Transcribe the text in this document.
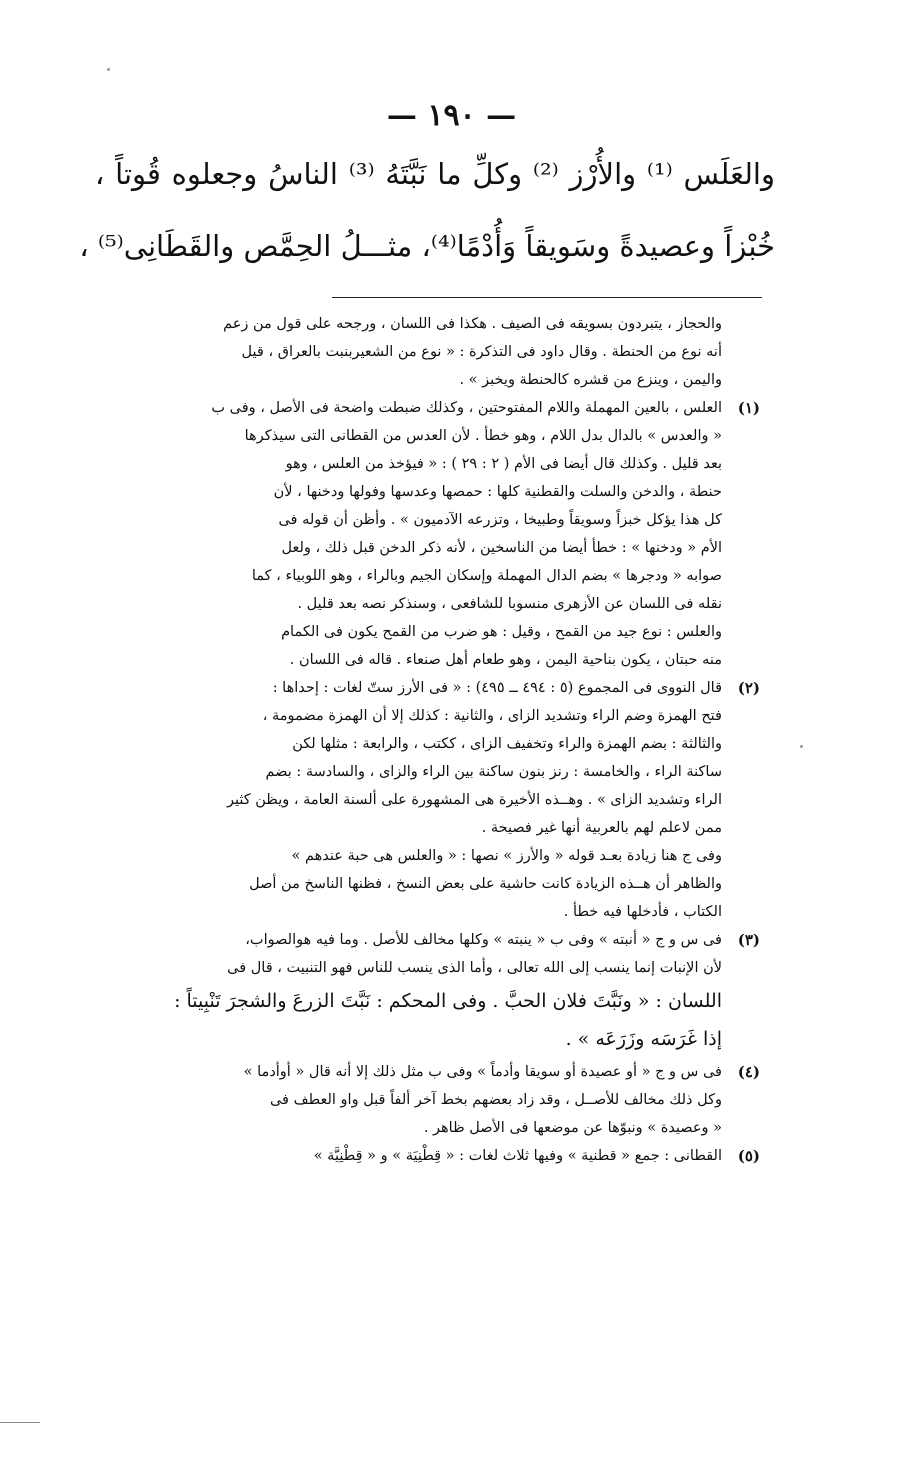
— ١٩٠ —
والعَلَس ⁽¹⁾ والأُرْز ⁽²⁾ وكلِّ ما نَبَّتَهُ ⁽³⁾ الناسُ وجعلوه قُوتاً ،
خُبْزاً وعصيدةً وسَويقاً وَأُدْمًا⁽⁴⁾، مثـــلُ الحِمَّص والقَطَانِى⁽⁵⁾ ،

والحجاز ، يتبردون بسويقه فى الصيف . هكذا فى اللسان ، ورجحه على قول من زعم

أنه نوع من الحنطة . وقال داود فى التذكرة : « نوع من الشعيربنبت بالعراق ، قيل

واليمن ، وينزع من قشره كالحنطة ويخبز » .

(١)

العلس ، بالعين المهملة واللام المفتوحتين ، وكذلك ضبطت واضحة فى الأصل ، وفى ب

« والعدس » بالدال بدل اللام ، وهو خطأ . لأن العدس من القطانى التى سيذكرها

بعد قليل . وكذلك قال أيضا فى الأم ( ٢ : ٢٩ ) : « فيؤخذ من العلس ، وهو

حنطة ، والدخن والسلت والقطنية كلها : حمصها وعدسها وفولها ودخنها ، لأن

كل هذا يؤكل خبزاً وسويقاً وطبيخا ، وتزرعه الآدميون » . وأظن أن قوله فى

الأم « ودخنها » : خطأ أيضا من الناسخين ، لأنه ذكر الدخن قبل ذلك ، ولعل

صوابه « ودجرها » بضم الدال المهملة وإسكان الجيم وبالراء ، وهو اللوبياء ، كما

نقله فى اللسان عن الأزهرى منسوبا للشافعى ، وسنذكر نصه بعد قليل .

والعلس : نوع جيد من القمح ، وقيل : هو ضرب من القمح يكون فى الكمام

منه حبتان ، يكون بناحية اليمن ، وهو طعام أهل صنعاء . قاله فى اللسان .

(٢)

قال النووى فى المجموع (٥ : ٤٩٤ ــ ٤٩٥) : « فى الأرز ستّ لغات : إحداها :

فتح الهمزة وضم الراء وتشديد الزاى ، والثانية : كذلك إلا أن الهمزة مضمومة ،

والثالثة : بضم الهمزة والراء وتخفيف الزاى ، ككتب ، والرابعة : مثلها لكن

ساكنة الراء ، والخامسة : رنز بنون ساكنة بين الراء والزاى ، والسادسة : بضم

الراء وتشديد الزاى » . وهــذه الأخيرة هى المشهورة على ألسنة العامة ، ويظن كثير

ممن لاعلم لهم بالعربية أنها غير فصيحة .

وفى ج هنا زيادة بعـد قوله « والأرز » نصها : « والعلس هى حبة عندهم »

والظاهر أن هــذه الزيادة كانت حاشية على بعض النسخ ، فظنها الناسخ من أصل

الكتاب ، فأدخلها فيه خطأ .

(٣)

فى س و ج « أنبته » وفى ب « ينبته » وكلها مخالف للأصل . وما فيه هوالصواب،

لأن الإنبات إنما ينسب إلى الله تعالى ، وأما الذى ينسب للناس فهو التنبيت ، قال فى

اللسان : « ونَبَّتَ فلان الحبَّ . وفى المحكم : نَبَّتَ الزرعَ والشجرَ تَنْبِيتاً :

إذا غَرَسَه وزَرَعَه » .

(٤)

فى س و ج « أو عصيدة أو سويقا وأدماً » وفى ب مثل ذلك إلا أنه قال « أوأدما »

وكل ذلك مخالف للأصــل ، وقد زاد بعضهم بخط آخر ألفاً قبل واو العطف فى

« وعصيدة » ونبوّها عن موضعها فى الأصل ظاهر .

(٥)

القطانى : جمع « قطنية » وفيها ثلاث لغات : « قِطْنِيَة » و « قِطْنِيَّة »
